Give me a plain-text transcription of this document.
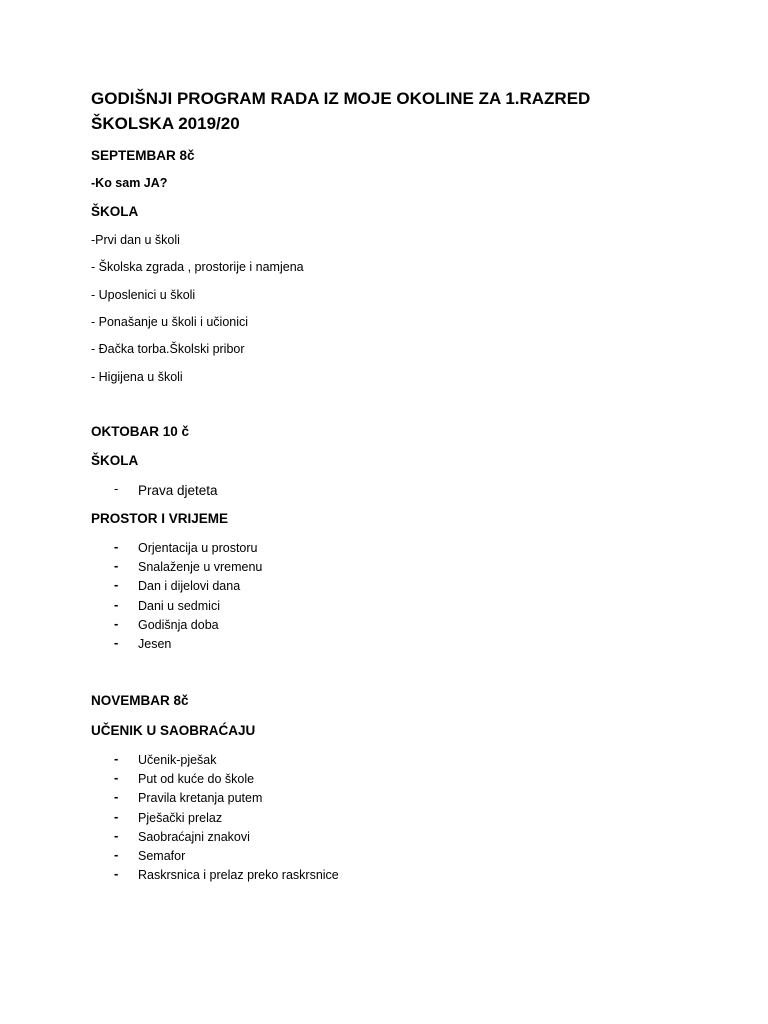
GODIŠNJI PROGRAM RADA IZ MOJE OKOLINE ZA 1.RAZRED
ŠKOLSKA 2019/20
SEPTEMBAR 8č
-Ko sam JA?
ŠKOLA
-Prvi dan u školi
- Školska zgrada , prostorije i namjena
- Uposlenici u školi
- Ponašanje u školi i učionici
- Đačka torba.Školski pribor
- Higijena u školi
OKTOBAR 10 č
ŠKOLA
- Prava djeteta
PROSTOR I VRIJEME
- Orjentacija u prostoru
- Snalaženje u vremenu
- Dan i dijelovi dana
- Dani u sedmici
- Godišnja doba
- Jesen
NOVEMBAR 8č
UČENIK U SAOBRAĆAJU
- Učenik-pješak
- Put od kuće do škole
- Pravila kretanja putem
- Pješački prelaz
- Saobraćajni znakovi
- Semafor
- Raskrsnica i prelaz preko raskrsnice
